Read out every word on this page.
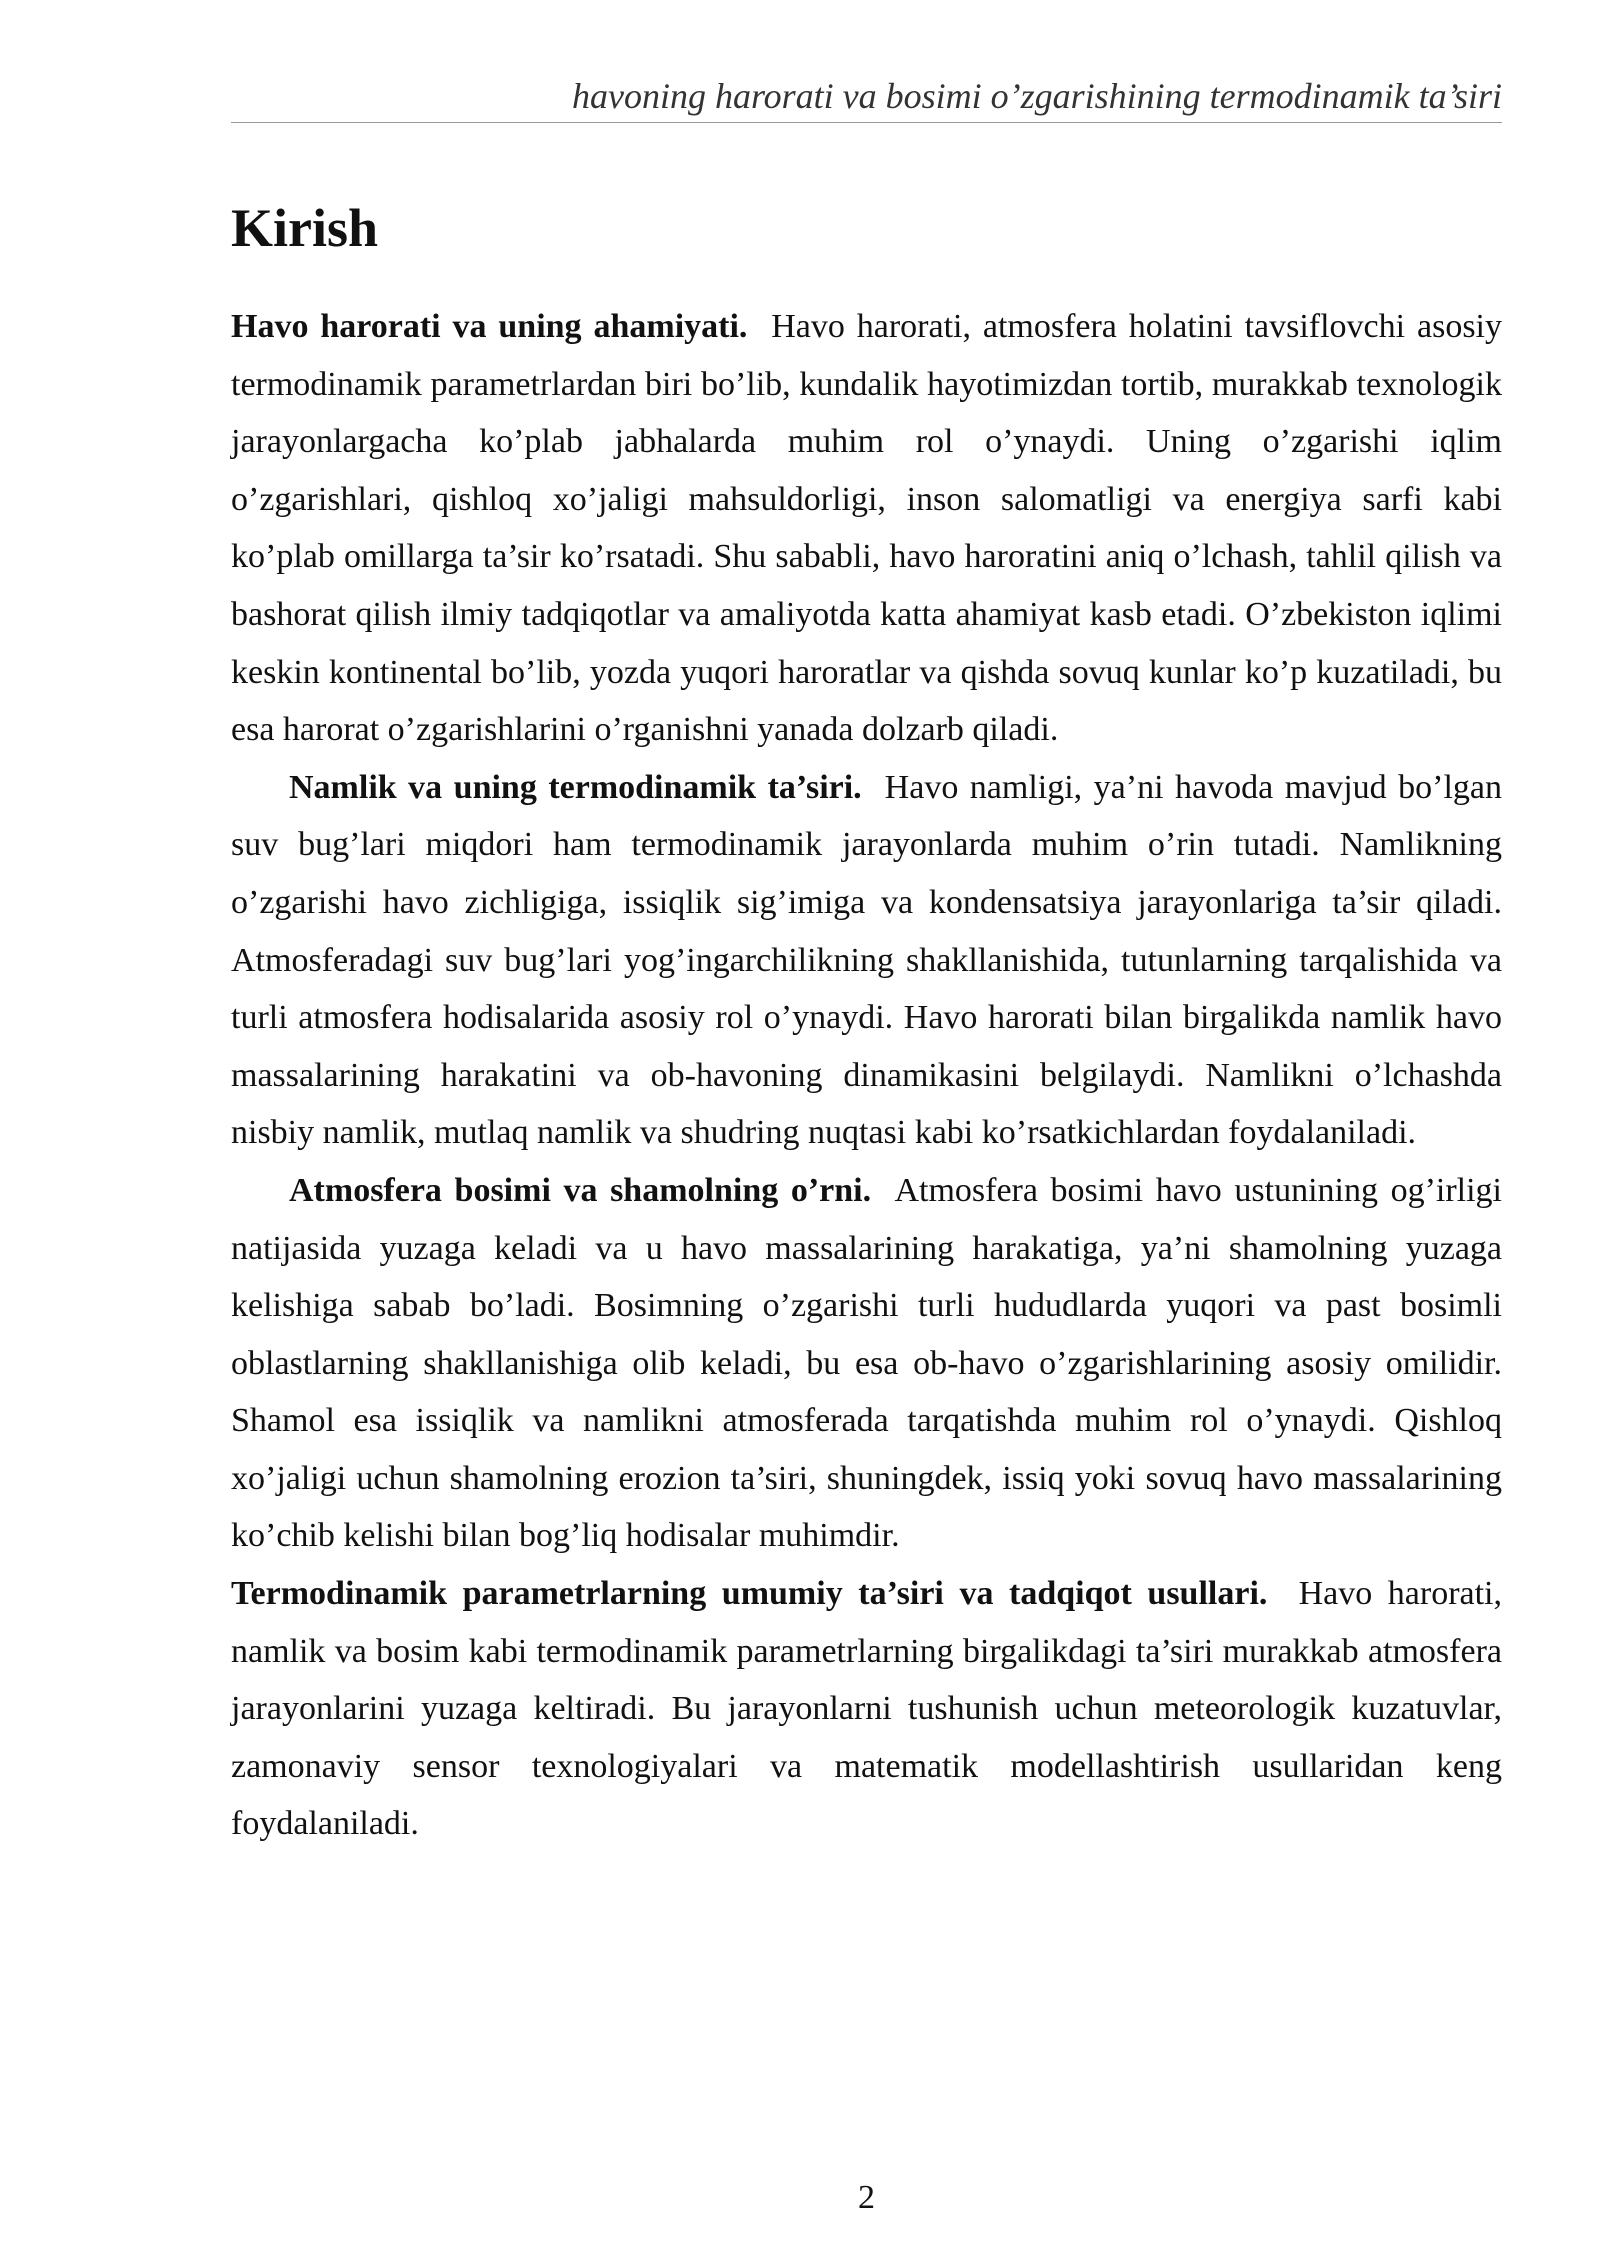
havoning harorati va bosimi o’zgarishining termodinamik ta’siri
Kirish

Havo harorati va uning ahamiyati. Havo harorati, atmosfera holatini tavsiflovchi asosiy termodinamik parametrlardan biri bo’lib, kundalik hayotimizdan tortib, murakkab texnologik jarayonlargacha ko’plab jabhalarda muhim rol o’ynaydi. Uning o’zgarishi iqlim o’zgarishlari, qishloq xo’jaligi mahsuldorligi, inson salomatligi va energiya sarfi kabi ko’plab omillarga ta’sir ko’rsatadi. Shu sababli, havo haroratini aniq o’lchash, tahlil qilish va bashorat qilish ilmiy tadqiqotlar va amaliyotda katta ahamiyat kasb etadi. O’zbekiston iqlimi keskin kontinental bo’lib, yozda yuqori haroratlar va qishda sovuq kunlar ko’p kuzatiladi, bu esa harorat o’zgarishlarini o’rganishni yanada dolzarb qiladi.

Namlik va uning termodinamik ta’siri. Havo namligi, ya’ni havoda mavjud bo’lgan suv bug’lari miqdori ham termodinamik jarayonlarda muhim o’rin tutadi. Namlikning o’zgarishi havo zichligiga, issiqlik sig’imiga va kondensatsiya jarayonlariga ta’sir qiladi. Atmosferadagi suv bug’lari yog’ingarchilikning shakllanishida, tutunlarning tarqalishida va turli atmosfera hodisalarida asosiy rol o’ynaydi. Havo harorati bilan birgalikda namlik havo massalarining harakatini va ob-havoning dinamikasini belgilaydi. Namlikni o’lchashda nisbiy namlik, mutlaq namlik va shudring nuqtasi kabi ko’rsatkichlardan foydalaniladi.

Atmosfera bosimi va shamolning o’rni. Atmosfera bosimi havo ustunining og’irligi natijasida yuzaga keladi va u havo massalarining harakatiga, ya’ni shamolning yuzaga kelishiga sabab bo’ladi. Bosimning o’zgarishi turli hududlarda yuqori va past bosimli oblastlarning shakllanishiga olib keladi, bu esa ob-havo o’zgarishlarining asosiy omilidir. Shamol esa issiqlik va namlikni atmosferada tarqatishda muhim rol o’ynaydi. Qishloq xo’jaligi uchun shamolning erozion ta’siri, shuningdek, issiq yoki sovuq havo massalarining ko’chib kelishi bilan bog’liq hodisalar muhimdir.

Termodinamik parametrlarning umumiy ta’siri va tadqiqot usullari. Havo harorati, namlik va bosim kabi termodinamik parametrlarning birgalikdagi ta’siri murakkab atmosfera jarayonlarini yuzaga keltiradi. Bu jarayonlarni tushunish uchun meteorologik kuzatuvlar, zamonaviy sensor texnologiyalari va matematik modellashtirish usullaridan keng foydalaniladi.

2
